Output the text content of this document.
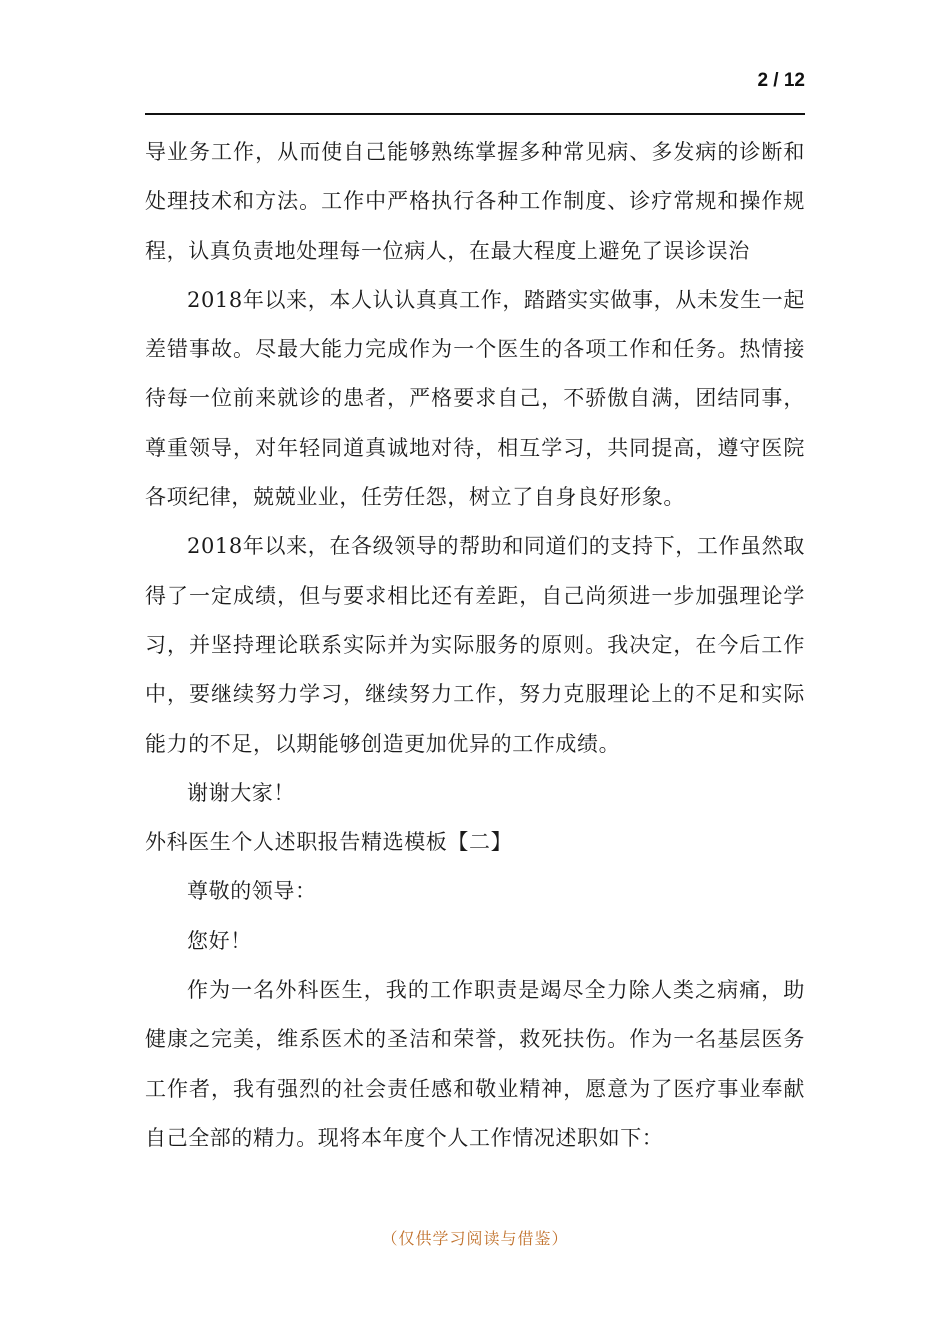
2 / 12

导业务工作，从而使自己能够熟练掌握多种常见病、多发病的诊断和处理技术和方法。工作中严格执行各种工作制度、诊疗常规和操作规程，认真负责地处理每一位病人，在最大程度上避免了误诊误治

2018年以来，本人认认真真工作，踏踏实实做事，从未发生一起差错事故。尽最大能力完成作为一个医生的各项工作和任务。热情接待每一位前来就诊的患者，严格要求自己，不骄傲自满，团结同事，尊重领导，对年轻同道真诚地对待，相互学习，共同提高，遵守医院各项纪律，兢兢业业，任劳任怨，树立了自身良好形象。

2018年以来，在各级领导的帮助和同道们的支持下，工作虽然取得了一定成绩，但与要求相比还有差距，自己尚须进一步加强理论学习，并坚持理论联系实际并为实际服务的原则。我决定，在今后工作中，要继续努力学习，继续努力工作，努力克服理论上的不足和实际能力的不足，以期能够创造更加优异的工作成绩。

谢谢大家！

外科医生个人述职报告精选模板【二】

尊敬的领导：

您好！

作为一名外科医生，我的工作职责是竭尽全力除人类之病痛，助健康之完美，维系医术的圣洁和荣誉，救死扶伤。作为一名基层医务工作者，我有强烈的社会责任感和敬业精神，愿意为了医疗事业奉献自己全部的精力。现将本年度个人工作情况述职如下：

（仅供学习阅读与借鉴）
